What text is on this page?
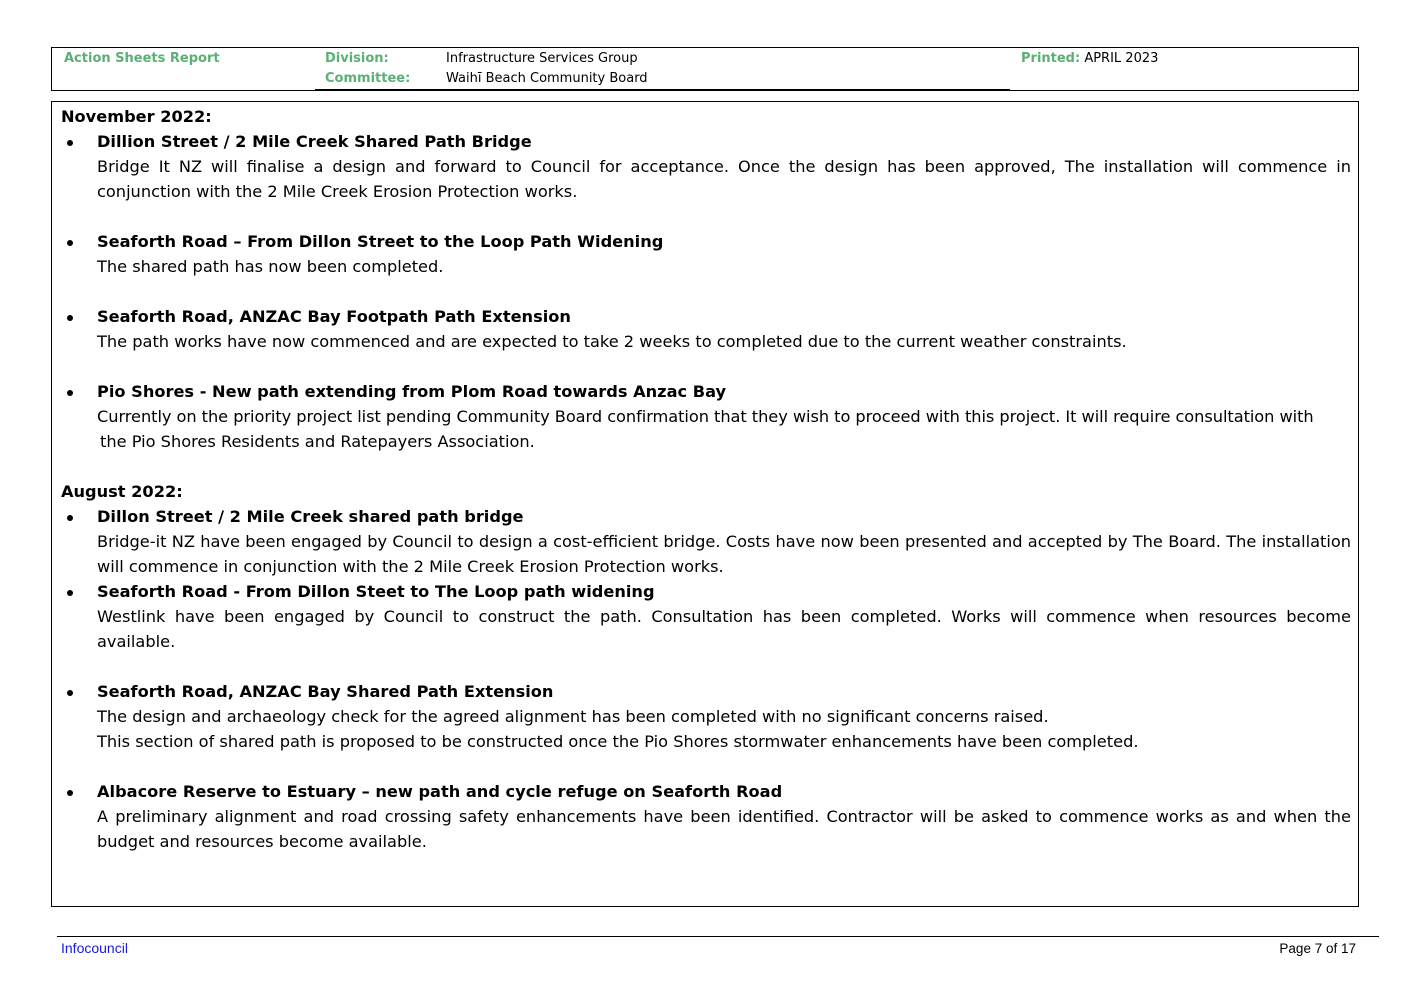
Action Sheets Report	Division:	Infrastructure Services Group
Committee:	Waihī Beach Community Board
Printed: APRIL 2023
November 2022:
Dillion Street / 2 Mile Creek Shared Path Bridge
Bridge It NZ will finalise a design and forward to Council for acceptance. Once the design has been approved, The installation will commence in conjunction with the 2 Mile Creek Erosion Protection works.
Seaforth Road – From Dillon Street to the Loop Path Widening
The shared path has now been completed.
Seaforth Road, ANZAC Bay Footpath Path Extension
The path works have now commenced and are expected to take 2 weeks to completed due to the current weather constraints.
Pio Shores - New path extending from Plom Road towards Anzac Bay
Currently on the priority project list pending Community Board confirmation that they wish to proceed with this project. It will require consultation with
the Pio Shores Residents and Ratepayers Association.
August 2022:
Dillon Street / 2 Mile Creek shared path bridge
Bridge-it NZ have been engaged by Council to design a cost-efficient bridge. Costs have now been presented and accepted by The Board. The installation will commence in conjunction with the 2 Mile Creek Erosion Protection works.
Seaforth Road - From Dillon Steet to The Loop path widening
Westlink have been engaged by Council to construct the path. Consultation has been completed. Works will commence when resources become available.
Seaforth Road, ANZAC Bay Shared Path Extension
The design and archaeology check for the agreed alignment has been completed with no significant concerns raised.
This section of shared path is proposed to be constructed once the Pio Shores stormwater enhancements have been completed.
Albacore Reserve to Estuary – new path and cycle refuge on Seaforth Road
A preliminary alignment and road crossing safety enhancements have been identified. Contractor will be asked to commence works as and when the budget and resources become available.
Infocouncil	Page 7 of 17
